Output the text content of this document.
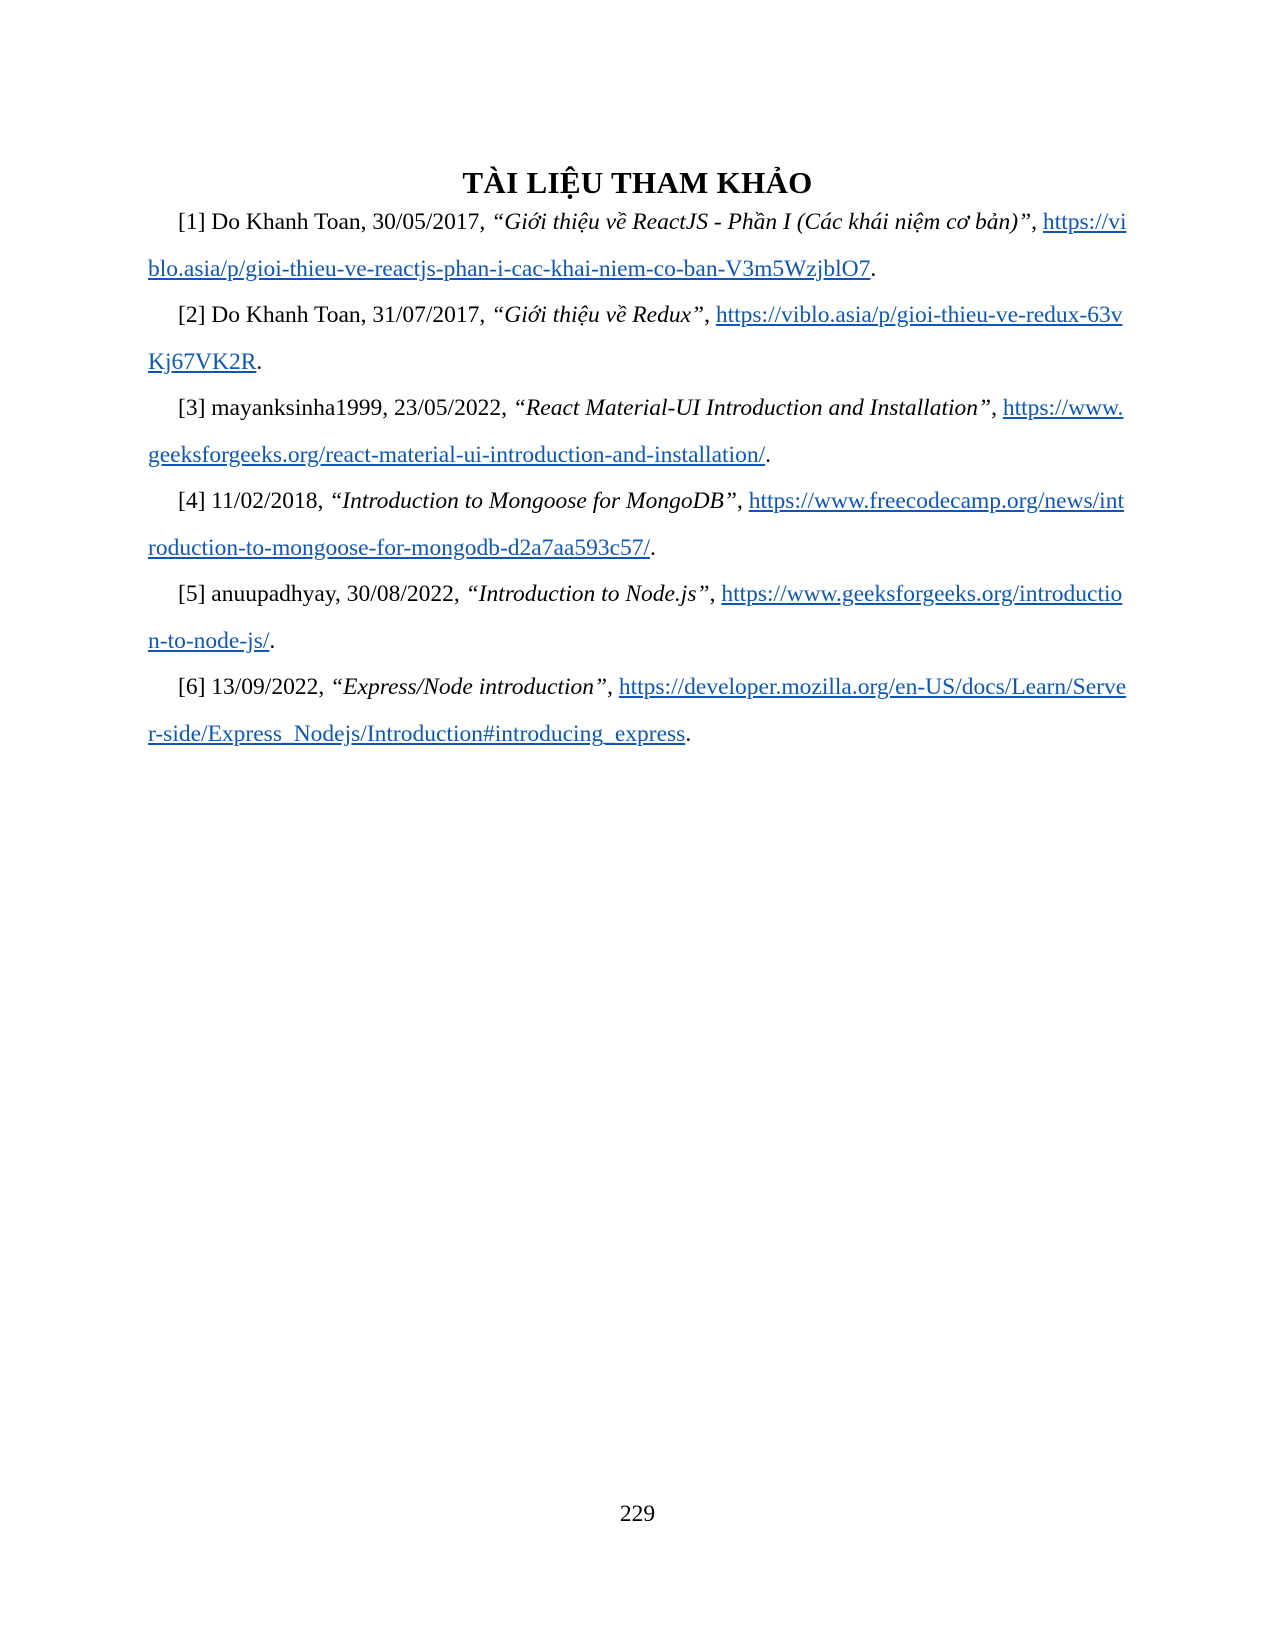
TÀI LIỆU THAM KHẢO

[1] Do Khanh Toan, 30/05/2017, “Giới thiệu về ReactJS - Phần I (Các khái niệm cơ bản)”, https://viblo.asia/p/gioi-thieu-ve-reactjs-phan-i-cac-khai-niem-co-ban-V3m5WzjblO7.

[2] Do Khanh Toan, 31/07/2017, “Giới thiệu về Redux”, https://viblo.asia/p/gioi-thieu-ve-redux-63vKj67VK2R.

[3] mayanksinha1999, 23/05/2022, “React Material-UI Introduction and Installation”, https://www.geeksforgeeks.org/react-material-ui-introduction-and-installation/.

[4] 11/02/2018, “Introduction to Mongoose for MongoDB”, https://www.freecodecamp.org/news/introduction-to-mongoose-for-mongodb-d2a7aa593c57/.

[5] anuupadhyay, 30/08/2022, “Introduction to Node.js”, https://www.geeksforgeeks.org/introduction-to-node-js/.

[6] 13/09/2022, “Express/Node introduction”, https://developer.mozilla.org/en-US/docs/Learn/Server-side/Express_Nodejs/Introduction#introducing_express.

229
